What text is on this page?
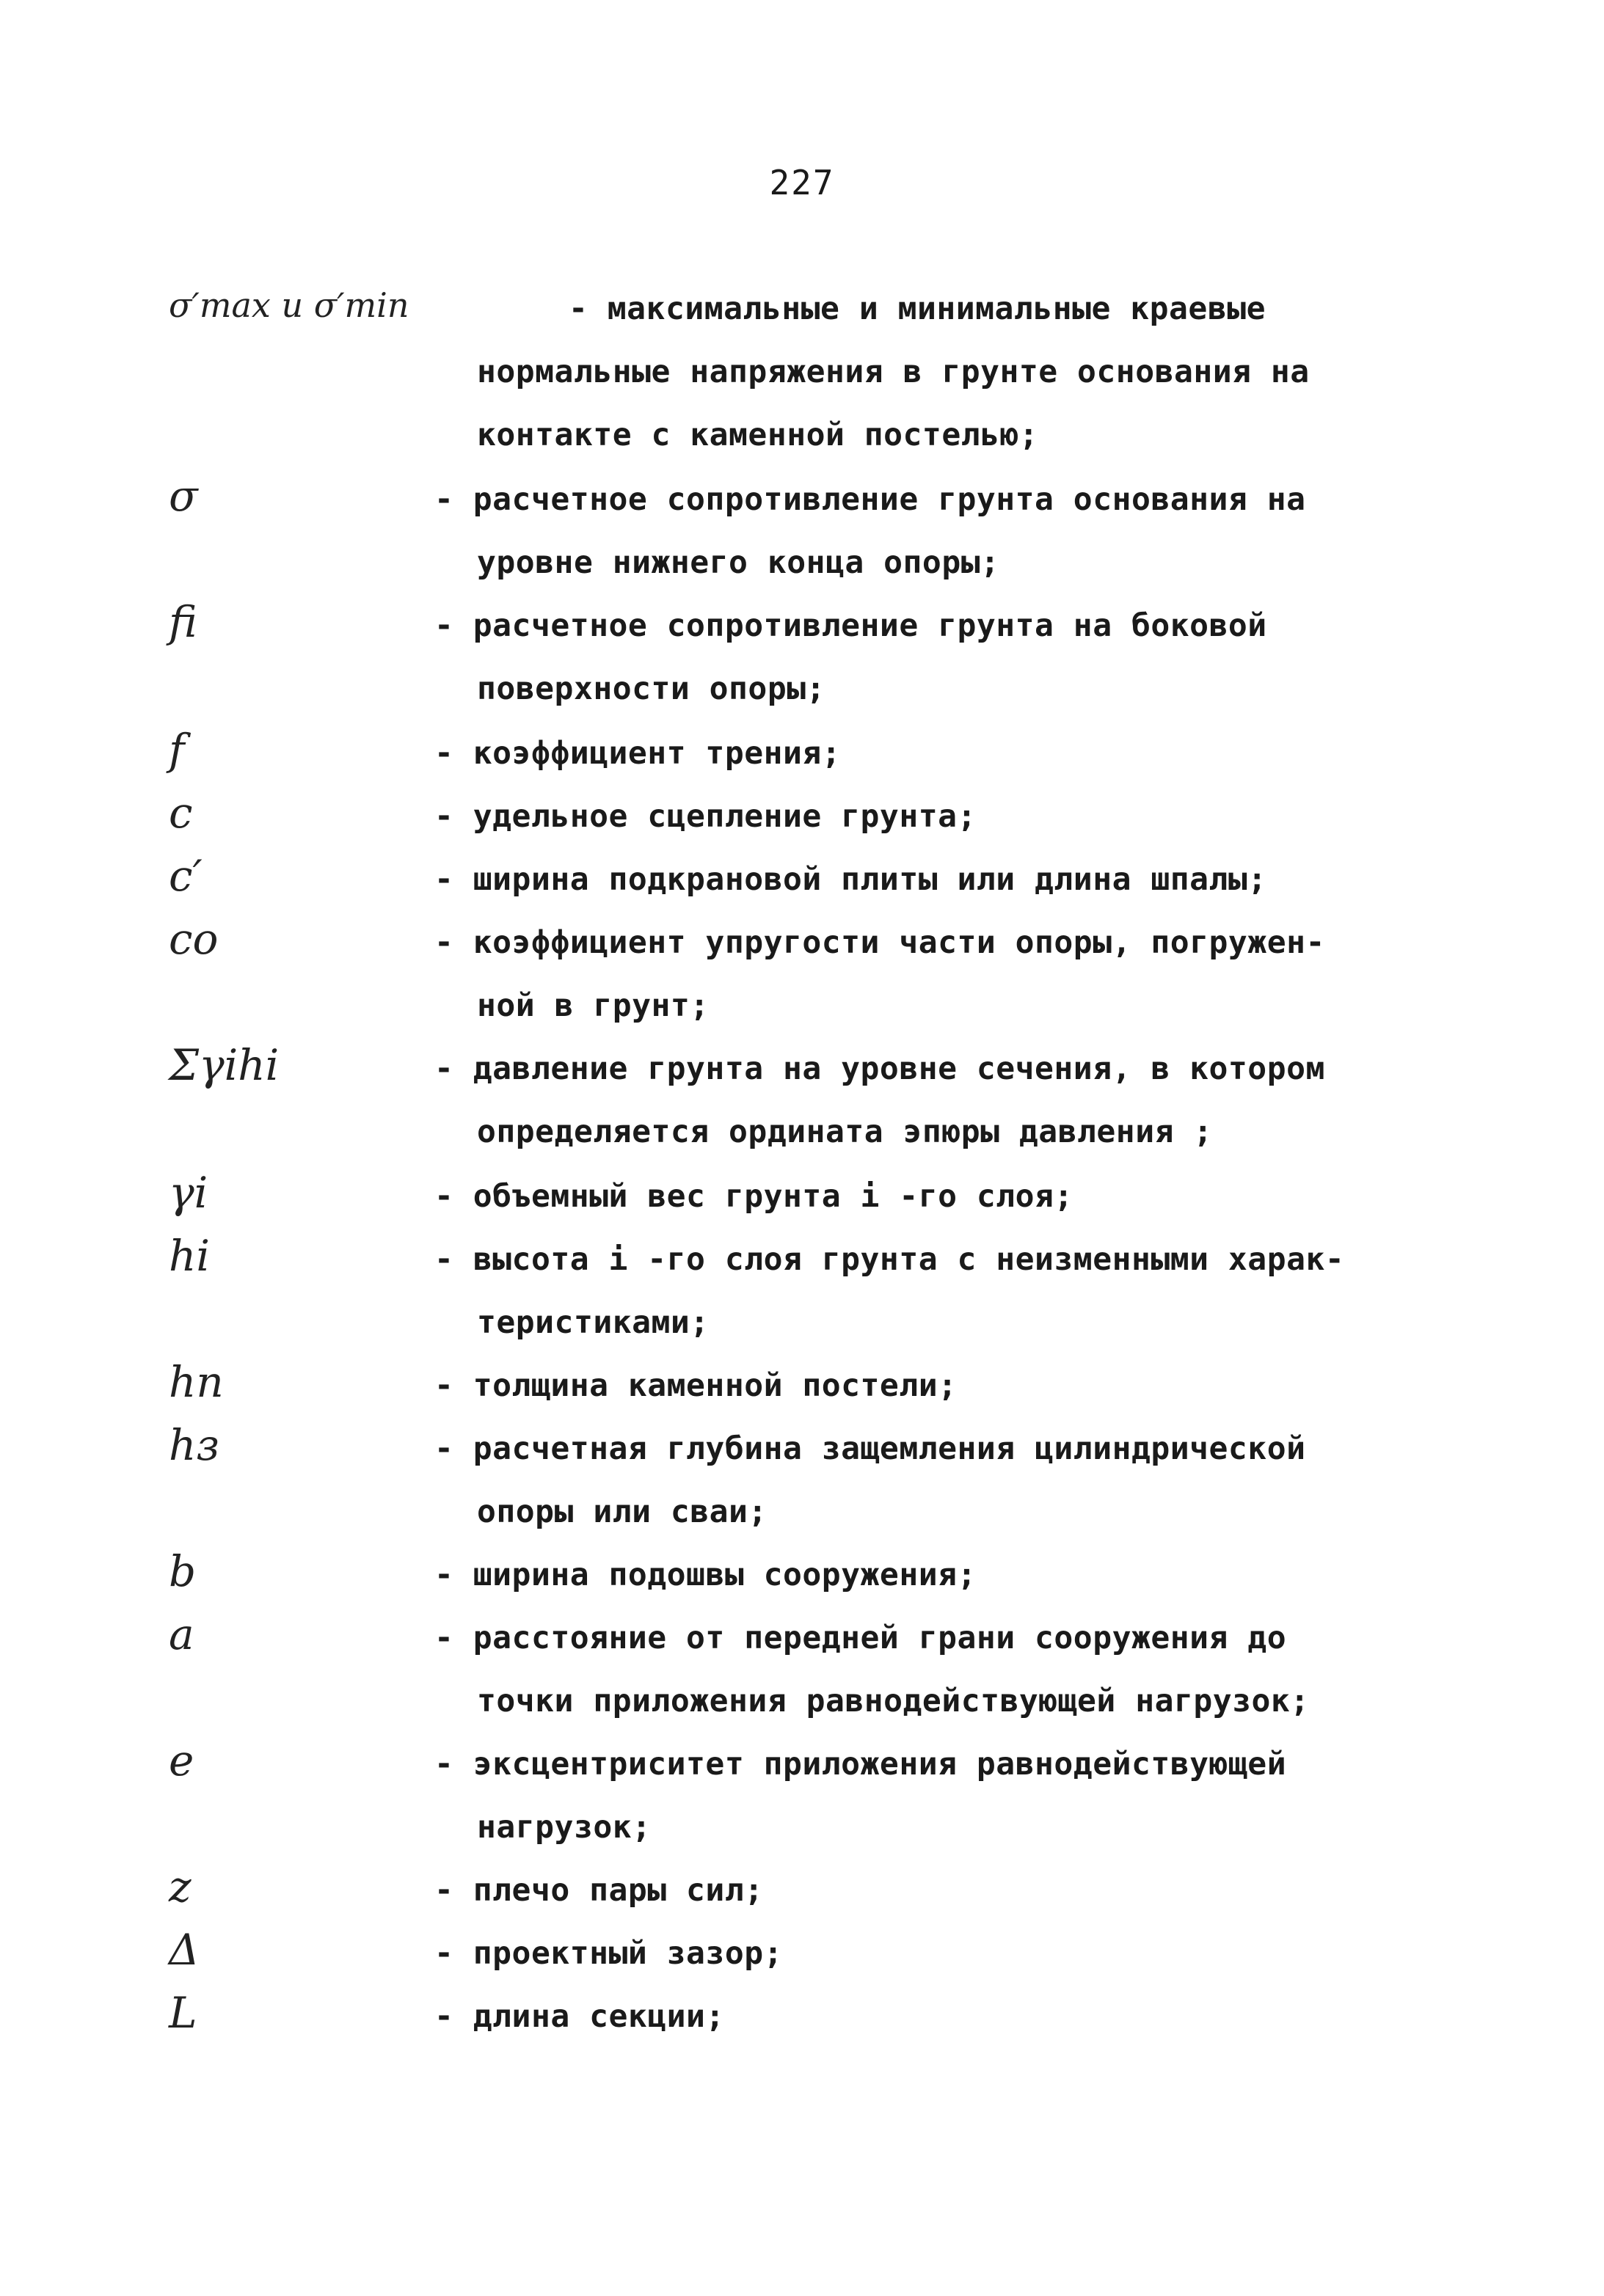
227
σ′max и σ′min	- максимальные и минимальные краевые
нормальные напряжения в грунте основания на
контакте с каменной постелью;
σ	- расчетное сопротивление грунта основания на
уровне нижнего конца опоры;
fi	- расчетное сопротивление грунта на боковой
поверхности опоры;
f	- коэффициент трения;
c	- удельное сцепление грунта;
c′	- ширина подкрановой плиты или длина шпалы;
co	- коэффициент упругости части опоры, погружен-
ной в грунт;
Σγihi	- давление грунта на уровне сечения, в котором
определяется ордината эпюры давления ;
γi	- объемный вес грунта i -го слоя;
hi	- высота i -го слоя грунта с неизменными харак-
теристиками;
hn	- толщина каменной постели;
hз	- расчетная глубина защемления цилиндрической
опоры или сваи;
b	- ширина подошвы сооружения;
a	- расстояние от передней грани сооружения до
точки приложения равнодействующей нагрузок;
e	- эксцентриситет приложения равнодействующей
нагрузок;
z	- плечо пары сил;
Δ	- проектный зазор;
L	- длина секции;
